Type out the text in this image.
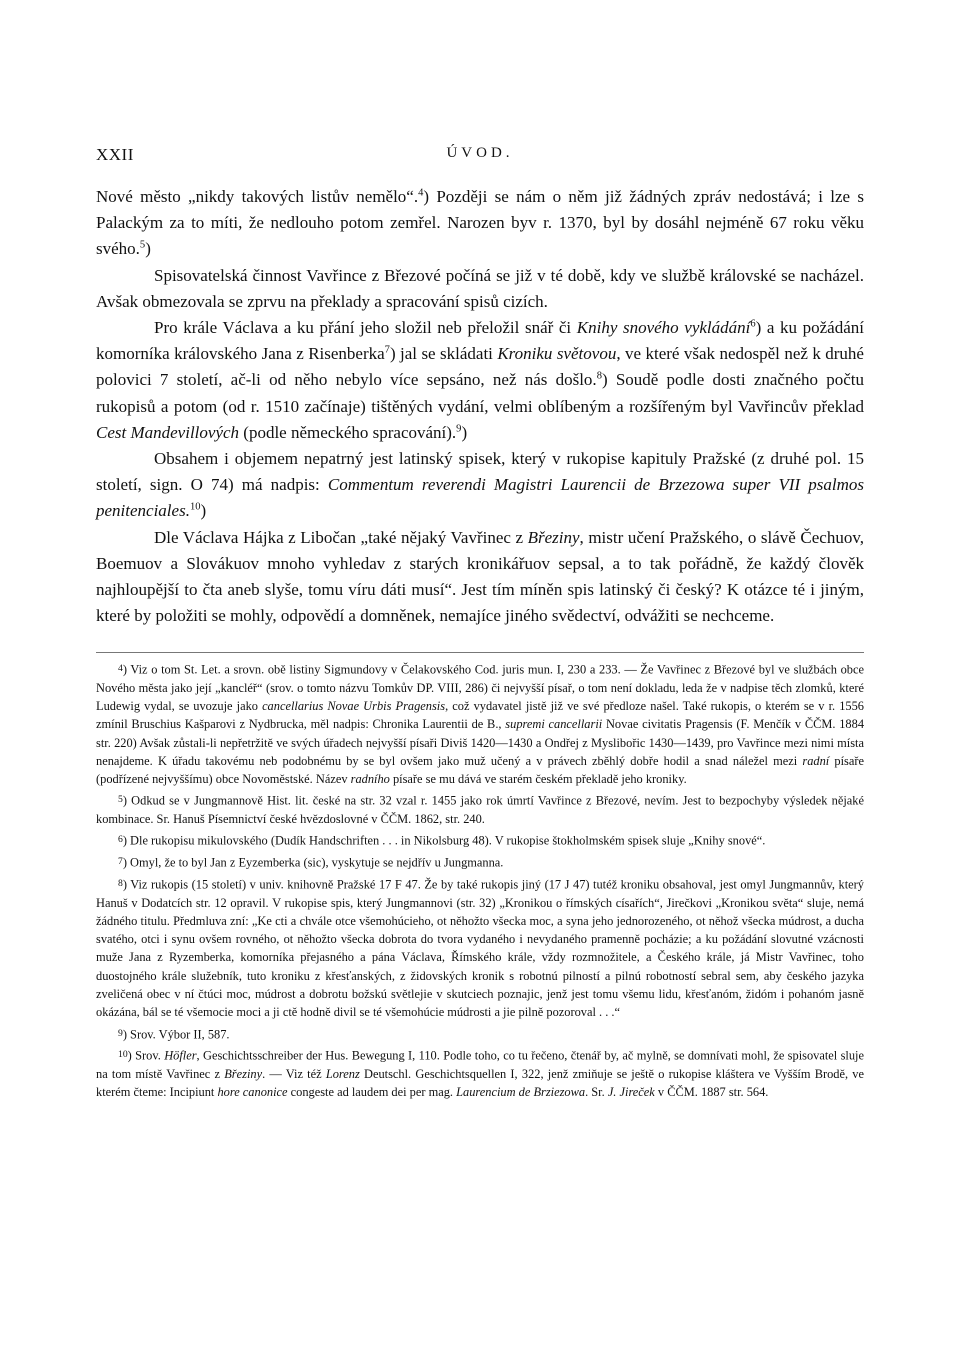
XXII	ÚVOD.

Nové město „nikdy takových listův nemělo“.$^4$) Později se nám o něm již žádných zpráv nedostává; i lze s Palackým za to míti, že nedlouho potom zemřel. Narozen byv r. 1370, byl by dosáhl nejméně 67 roku věku svého.$^5$)

Spisovatelská činnost Vavřince z Březové počíná se již v té době, kdy ve službě královské se nacházel. Avšak obmezovala se zprvu na překlady a spracování spisů cizích.

Pro krále Václava a ku přání jeho složil neb přeložil snář či Knihy snového vykládání$^6$) a ku požádání komorníka královského Jana z Risenberka$^7$) jal se skládati Kroniku světovou, ve které však nedospěl než k druhé polovici 7 století, ač-li od něho nebylo více sepsáno, než nás došlo.$^8$) Soudě podle dosti značného počtu rukopisů a potom (od r. 1510 začínaje) tištěných vydání, velmi oblíbeným a rozšířeným byl Vavřincův překlad Cest Mandevillových (podle německého spracování).$^9$)

Obsahem i objemem nepatrný jest latinský spisek, který v rukopise kapituly Pražské (z druhé pol. 15 století, sign. O 74) má nadpis: Commentum reverendi Magistri Laurencii de Brzezowa super VII psalmos penitenciales.$^{10}$)

Dle Václava Hájka z Libočan „také nějaký Vavřinec z Březiny, mistr učení Pražského, o slávě Čechuov, Boemuov a Slovákuov mnoho vyhledav z starých kronikářuov sepsal, a to tak pořádně, že každý člověk najhloupější to čta aneb slyše, tomu víru dáti musí“. Jest tím míněn spis latinský či český? K otázce té i jiným, které by položiti se mohly, odpovědí a domněnek, nemajíce jiného svědectví, odvážiti se nechceme.

4) Viz o tom St. Let. a srovn. obě listiny Sigmundovy v Čelakovského Cod. juris mun. I, 230 a 233. — Že Vavřinec z Březové byl ve službách obce Nového města jako její „kancléř“ (srov. o tomto názvu Tomkův DP. VIII, 286) či nejvyšší písař, o tom není dokladu, leda že v nadpise těch zlomků, které Ludewig vydal, se uvozuje jako cancellarius Novae Urbis Pragensis, což vydavatel jistě již ve své předloze našel. Také rukopis, o kterém se v r. 1556 zmínil Bruschius Kašparovi z Nydbrucka, měl nadpis: Chronika Laurentii de B., supremi cancellarii Novae civitatis Pragensis (F. Menčík v ČČM. 1884 str. 220) Avšak zůstali-li nepřetržitě ve svých úřadech nejvyšší písaři Diviš 1420—1430 a Ondřej z Myslibořic 1430—1439, pro Vavřince mezi nimi místa nenajdeme. K úřadu takovému neb podobnému by se byl ovšem jako muž učený a v právech zběhlý dobře hodil a snad náležel mezi radní písaře (podřízené nejvyššímu) obce Novoměstské. Název radního písaře se mu dává ve starém českém překladě jeho kroniky.

5) Odkud se v Jungmannově Hist. lit. české na str. 32 vzal r. 1455 jako rok úmrtí Vavřince z Březové, nevím. Jest to bezpochyby výsledek nějaké kombinace. Sr. Hanuš Písemnictví české hvězdoslovné v ČČM. 1862, str. 240.

6) Dle rukopisu mikulovského (Dudík Handschriften . . . in Nikolsburg 48). V rukopise štokholmském spisek sluje „Knihy snové“.

7) Omyl, že to byl Jan z Eyzemberka (sic), vyskytuje se nejdřív u Jungmanna.

8) Viz rukopis (15 století) v univ. knihovně Pražské 17 F 47. Že by také rukopis jiný (17 J 47) tutéž kroniku obsahoval, jest omyl Jungmannův, který Hanuš v Dodatcích str. 12 opravil. V rukopise spis, který Jungmannovi (str. 32) „Kronikou o římských císařích“, Jirečkovi „Kronikou světa“ sluje, nemá žádného titulu. Předmluva zní: „Ke cti a chvále otce všemohúcieho, ot něhožto všecka moc, a syna jeho jednorozeného, ot něhož všecka múdrost, a ducha svatého, otci i synu ovšem rovného, ot něhožto všecka dobrota do tvora vydaného i nevydaného pramenně pocházie; a ku požádání slovutné vzácnosti muže Jana z Ryzemberka, komorníka přejasného a pána Václava, Římského krále, vždy rozmnožitele, a Českého krále, já Mistr Vavřinec, toho duostojného krále služebník, tuto kroniku z křesťanských, z židovských kronik s robotnú pilností a pilnú robotností sebral sem, aby českého jazyka zveličená obec v ní čtúci moc, múdrost a dobrotu božskú světlejie v skutciech poznajic, jenž jest tomu všemu lidu, křesťanóm, židóm i pohanóm jasně okázána, bál se té všemocie moci a ji ctě hodně divil se té všemohúcie múdrosti a jie pilně pozoroval . . .“

9) Srov. Výbor II, 587.

10) Srov. Höfler, Geschichtsschreiber der Hus. Bewegung I, 110. Podle toho, co tu řečeno, čtenář by, ač mylně, se domnívati mohl, že spisovatel sluje na tom místě Vavřinec z Březiny. — Viz též Lorenz Deutschl. Geschichtsquellen I, 322, jenž zmiňuje se ještě o rukopise kláštera ve Vyšším Brodě, ve kterém čteme: Incipiunt hore canonice congeste ad laudem dei per mag. Laurencium de Brziezowa. Sr. J. Jireček v ČČM. 1887 str. 564.
